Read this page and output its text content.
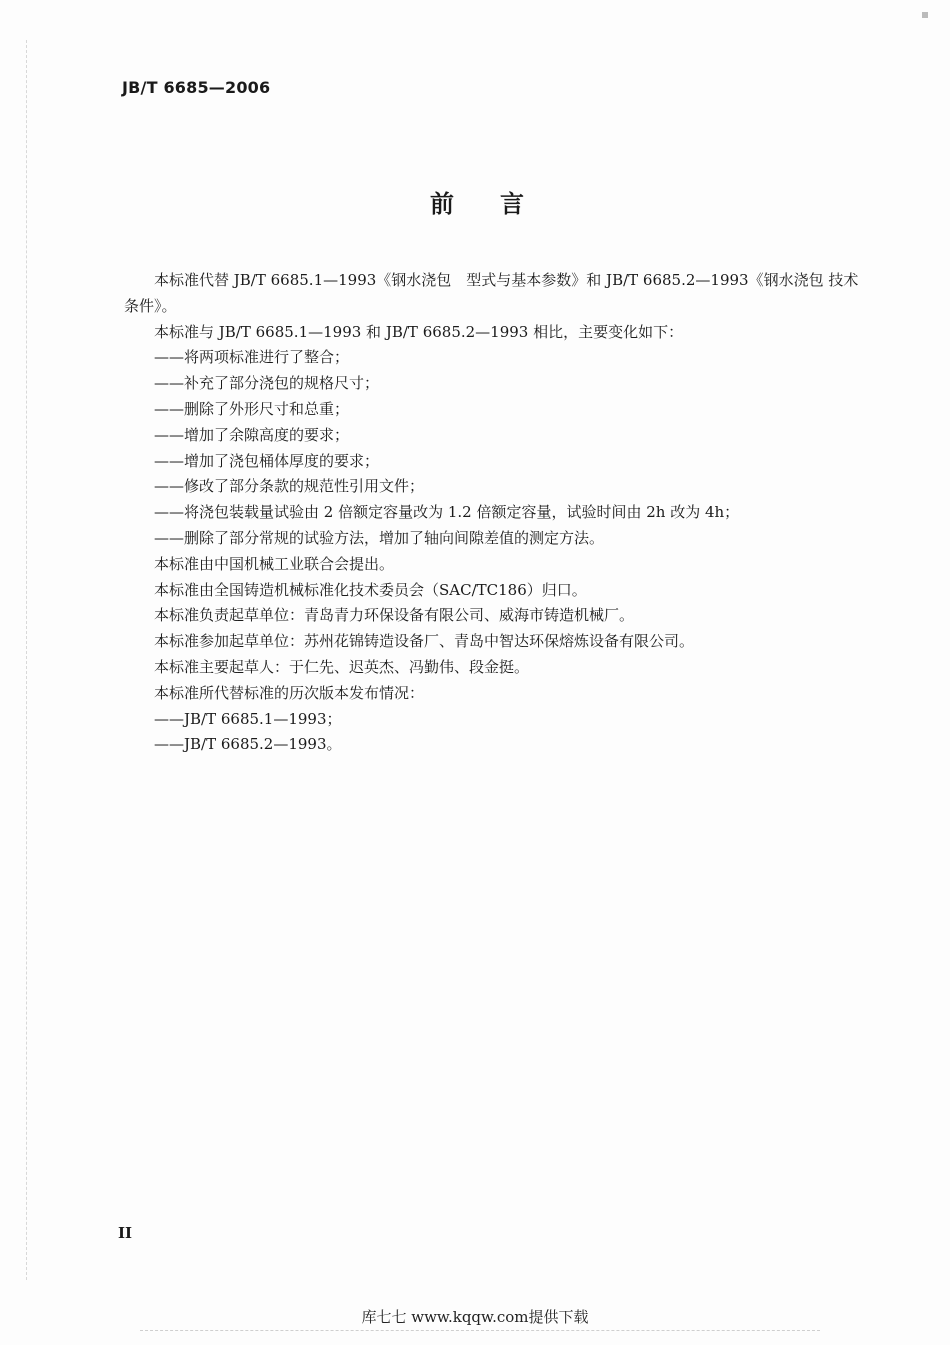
JB/T 6685—2006
前言

本标准代替 JB/T 6685.1—1993《钢水浇包　型式与基本参数》和 JB/T 6685.2—1993《钢水浇包 技术条件》。

本标准与 JB/T 6685.1—1993 和 JB/T 6685.2—1993 相比，主要变化如下：

——将两项标准进行了整合；

——补充了部分浇包的规格尺寸；

——删除了外形尺寸和总重；

——增加了余隙高度的要求；

——增加了浇包桶体厚度的要求；

——修改了部分条款的规范性引用文件；

——将浇包装载量试验由 2 倍额定容量改为 1.2 倍额定容量，试验时间由 2h 改为 4h；

——删除了部分常规的试验方法，增加了轴向间隙差值的测定方法。

本标准由中国机械工业联合会提出。

本标准由全国铸造机械标准化技术委员会（SAC/TC186）归口。

本标准负责起草单位：青岛青力环保设备有限公司、威海市铸造机械厂。

本标准参加起草单位：苏州花锦铸造设备厂、青岛中智达环保熔炼设备有限公司。

本标准主要起草人：于仁先、迟英杰、冯勤伟、段金挺。

本标准所代替标准的历次版本发布情况：

——JB/T 6685.1—1993；

——JB/T 6685.2—1993。

II
库七七 www.kqqw.com提供下载
